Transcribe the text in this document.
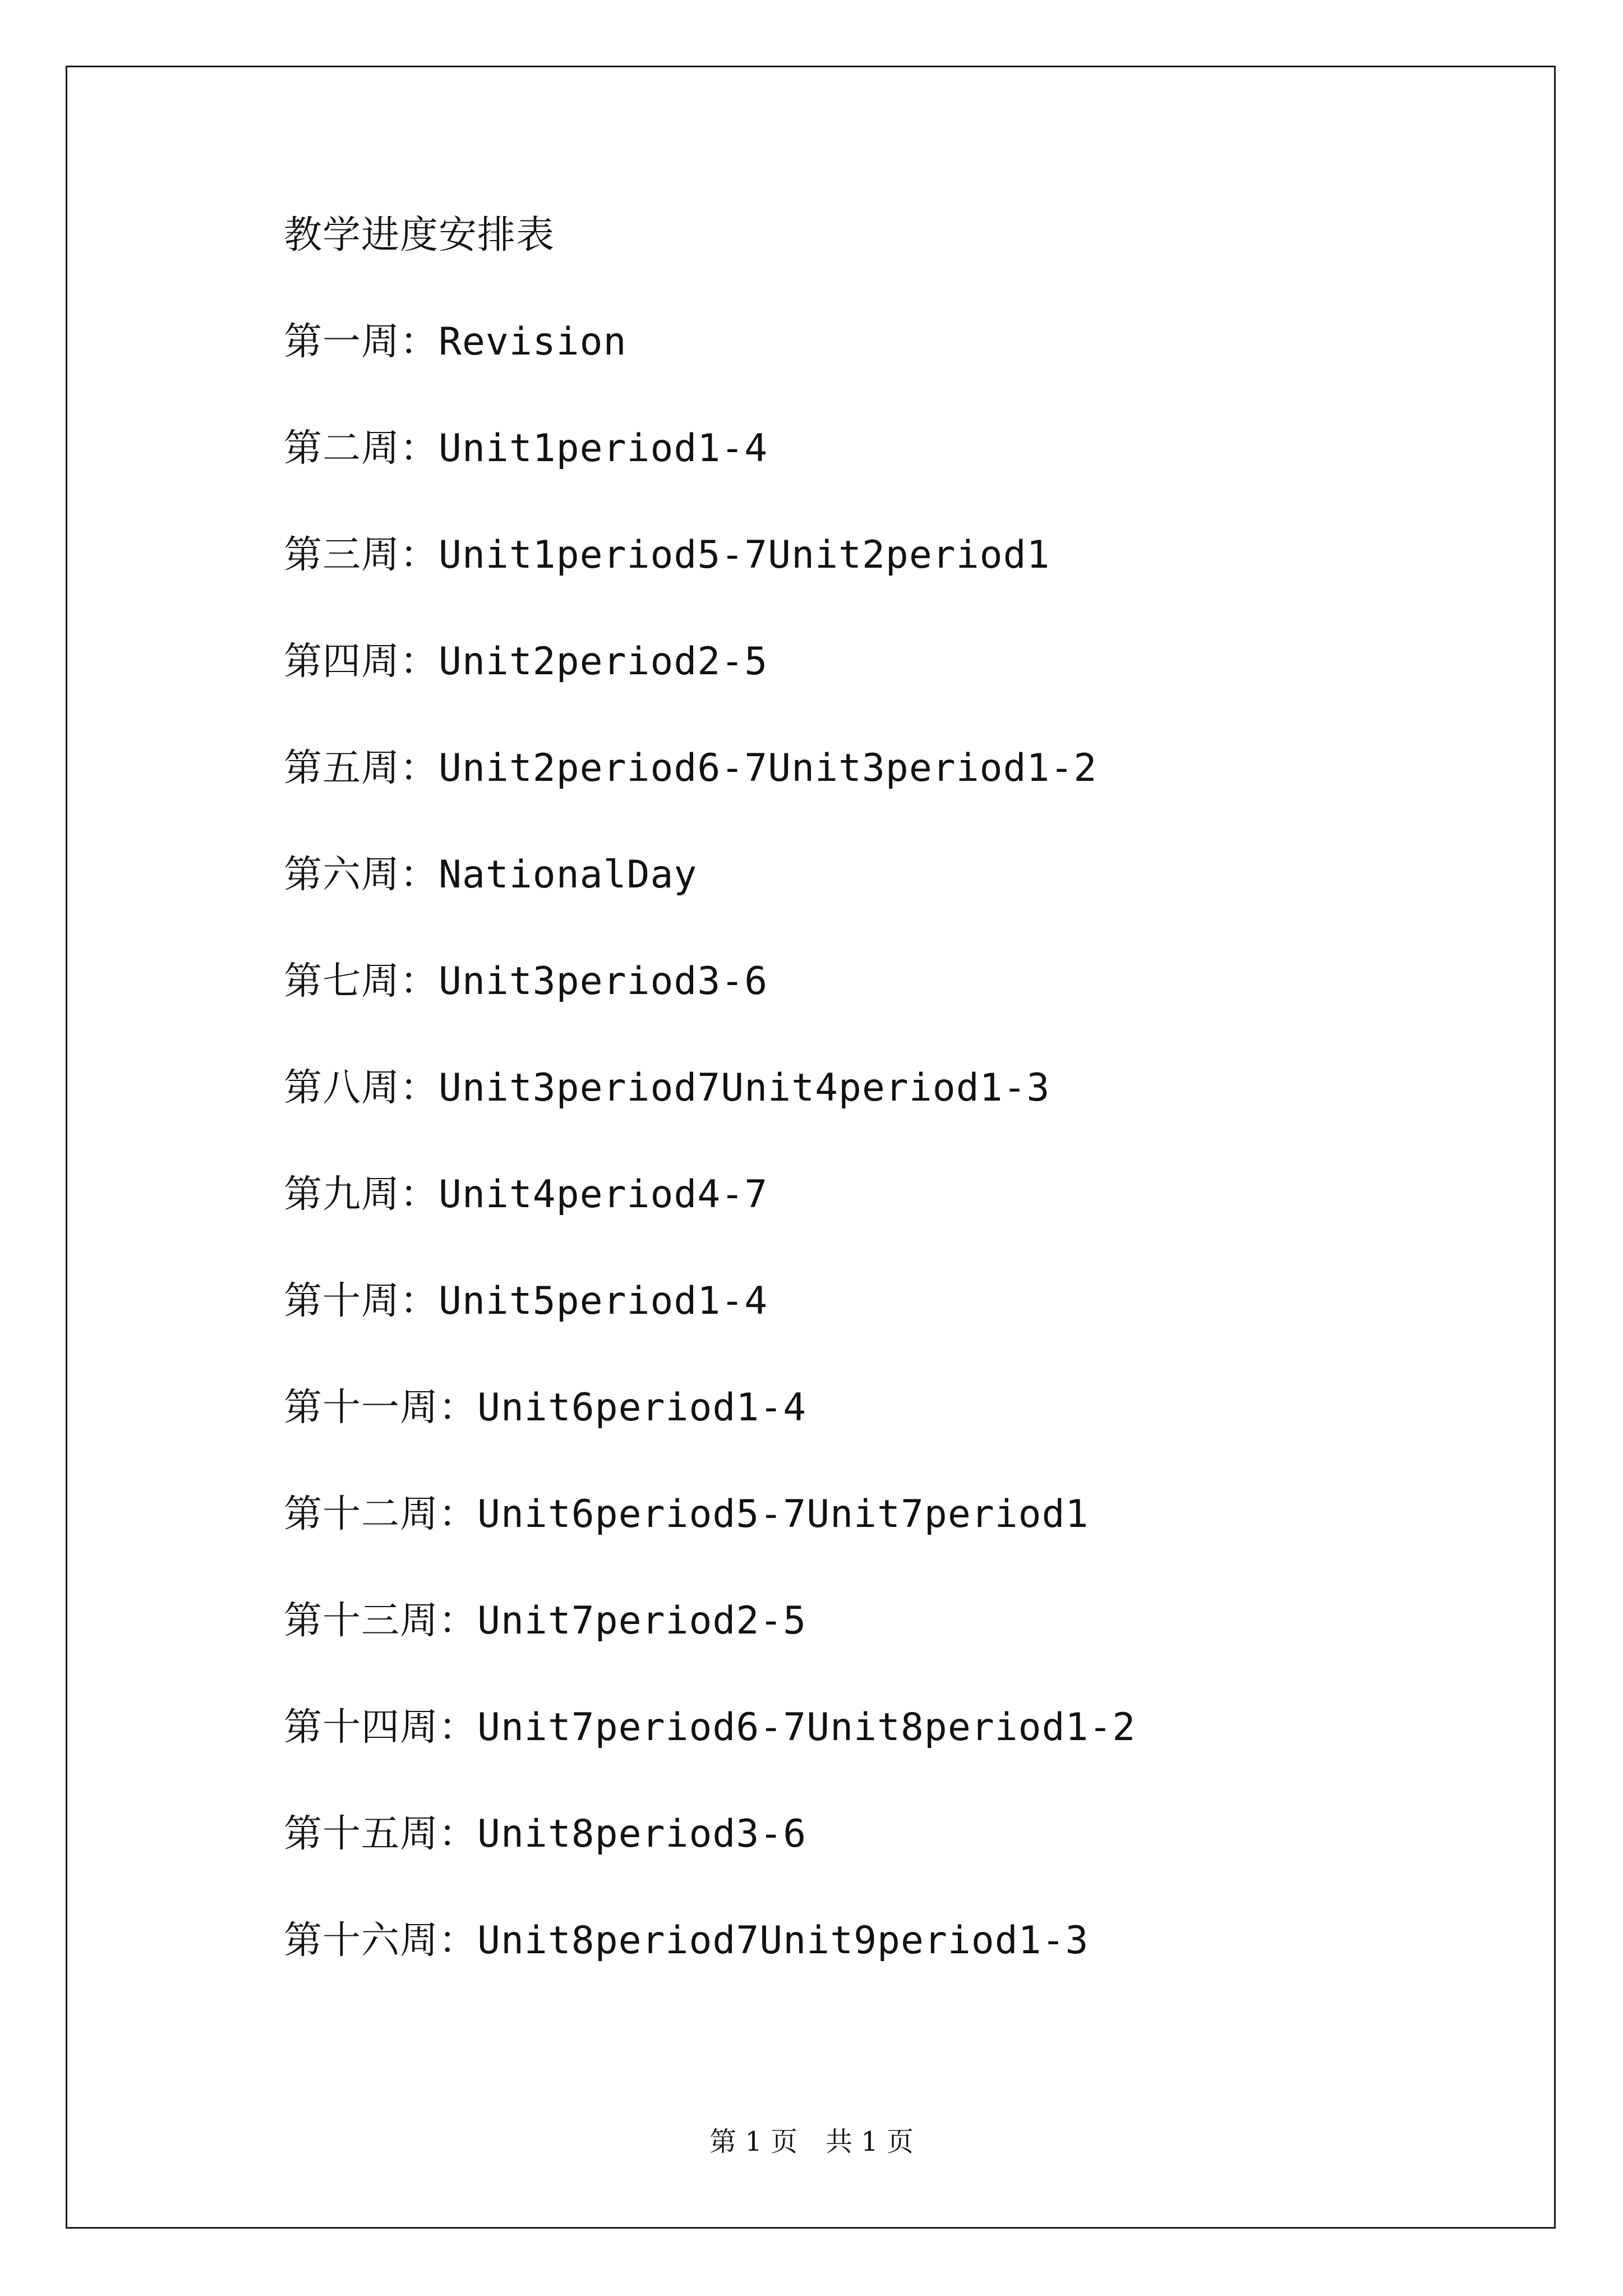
教学进度安排表
第一周：Revision
第二周：Unit1period1-4
第三周：Unit1period5-7Unit2period1
第四周：Unit2period2-5
第五周：Unit2period6-7Unit3period1-2
第六周：NationalDay
第七周：Unit3period3-6
第八周：Unit3period7Unit4period1-3
第九周：Unit4period4-7
第十周：Unit5period1-4
第十一周：Unit6period1-4
第十二周：Unit6period5-7Unit7period1
第十三周：Unit7period2-5
第十四周：Unit7period6-7Unit8period1-2
第十五周：Unit8period3-6
第十六周：Unit8period7Unit9period1-3
第 1 页 共 1 页
